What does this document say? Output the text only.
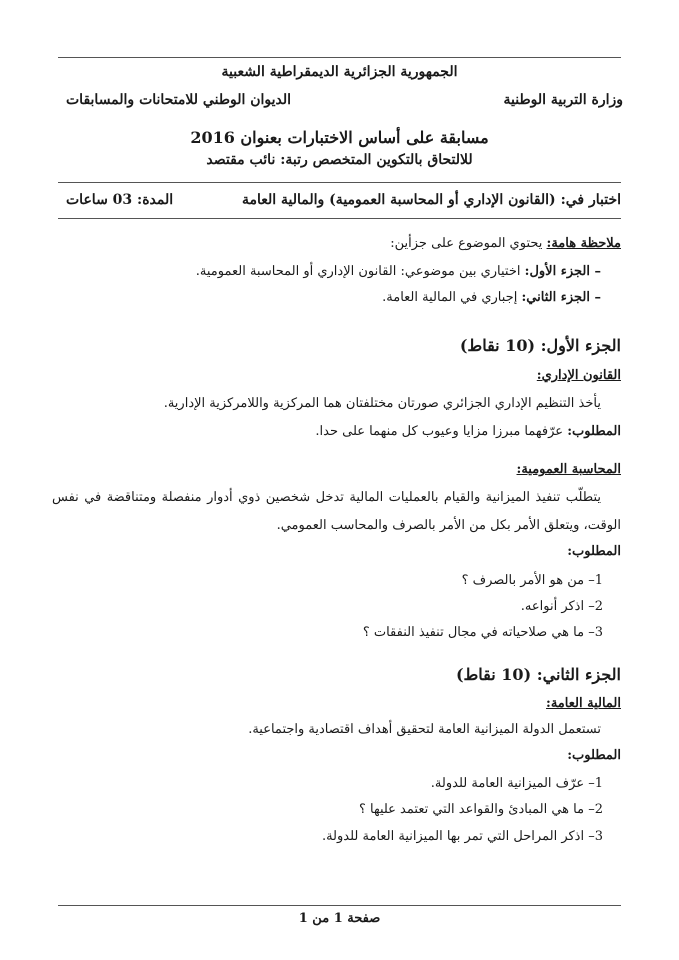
الجمهورية الجزائرية الديمقراطية الشعبية
وزارة التربية الوطنية
الديوان الوطني للامتحانات والمسابقات
مسابقة على أساس الاختبارات بعنوان 2016
للالتحاق بالتكوين المتخصص رتبة: نائب مقتصد
اختبار في: (القانون الإداري أو المحاسبة العمومية) والمالية العامة
المدة: 03 ساعات
ملاحظة هامة: يحتوي الموضوع على جزأين:
– الجزء الأول: اختياري بين موضوعي: القانون الإداري أو المحاسبة العمومية.
– الجزء الثاني: إجباري في المالية العامة.
الجزء الأول: (10 نقاط)
القانون الإداري:
يأخذ التنظيم الإداري الجزائري صورتان مختلفتان هما المركزية واللامركزية الإدارية.
المطلوب: عرّفهما مبرزا مزايا وعيوب كل منهما على حدا.
المحاسبة العمومية:
يتطلّب تنفيذ الميزانية والقيام بالعمليات المالية تدخل شخصين ذوي أدوار منفصلة ومتناقضة في نفس
الوقت، ويتعلق الأمر بكل من الأمر بالصرف والمحاسب العمومي.
المطلوب:
1– من هو الأمر بالصرف ؟
2– اذكر أنواعه.
3– ما هي صلاحياته في مجال تنفيذ النفقات ؟
الجزء الثاني: (10 نقاط)
المالية العامة:
تستعمل الدولة الميزانية العامة لتحقيق أهداف اقتصادية واجتماعية.
المطلوب:
1– عرّف الميزانية العامة للدولة.
2– ما هي المبادئ والقواعد التي تعتمد عليها ؟
3– اذكر المراحل التي تمر بها الميزانية العامة للدولة.
صفحة 1 من 1
